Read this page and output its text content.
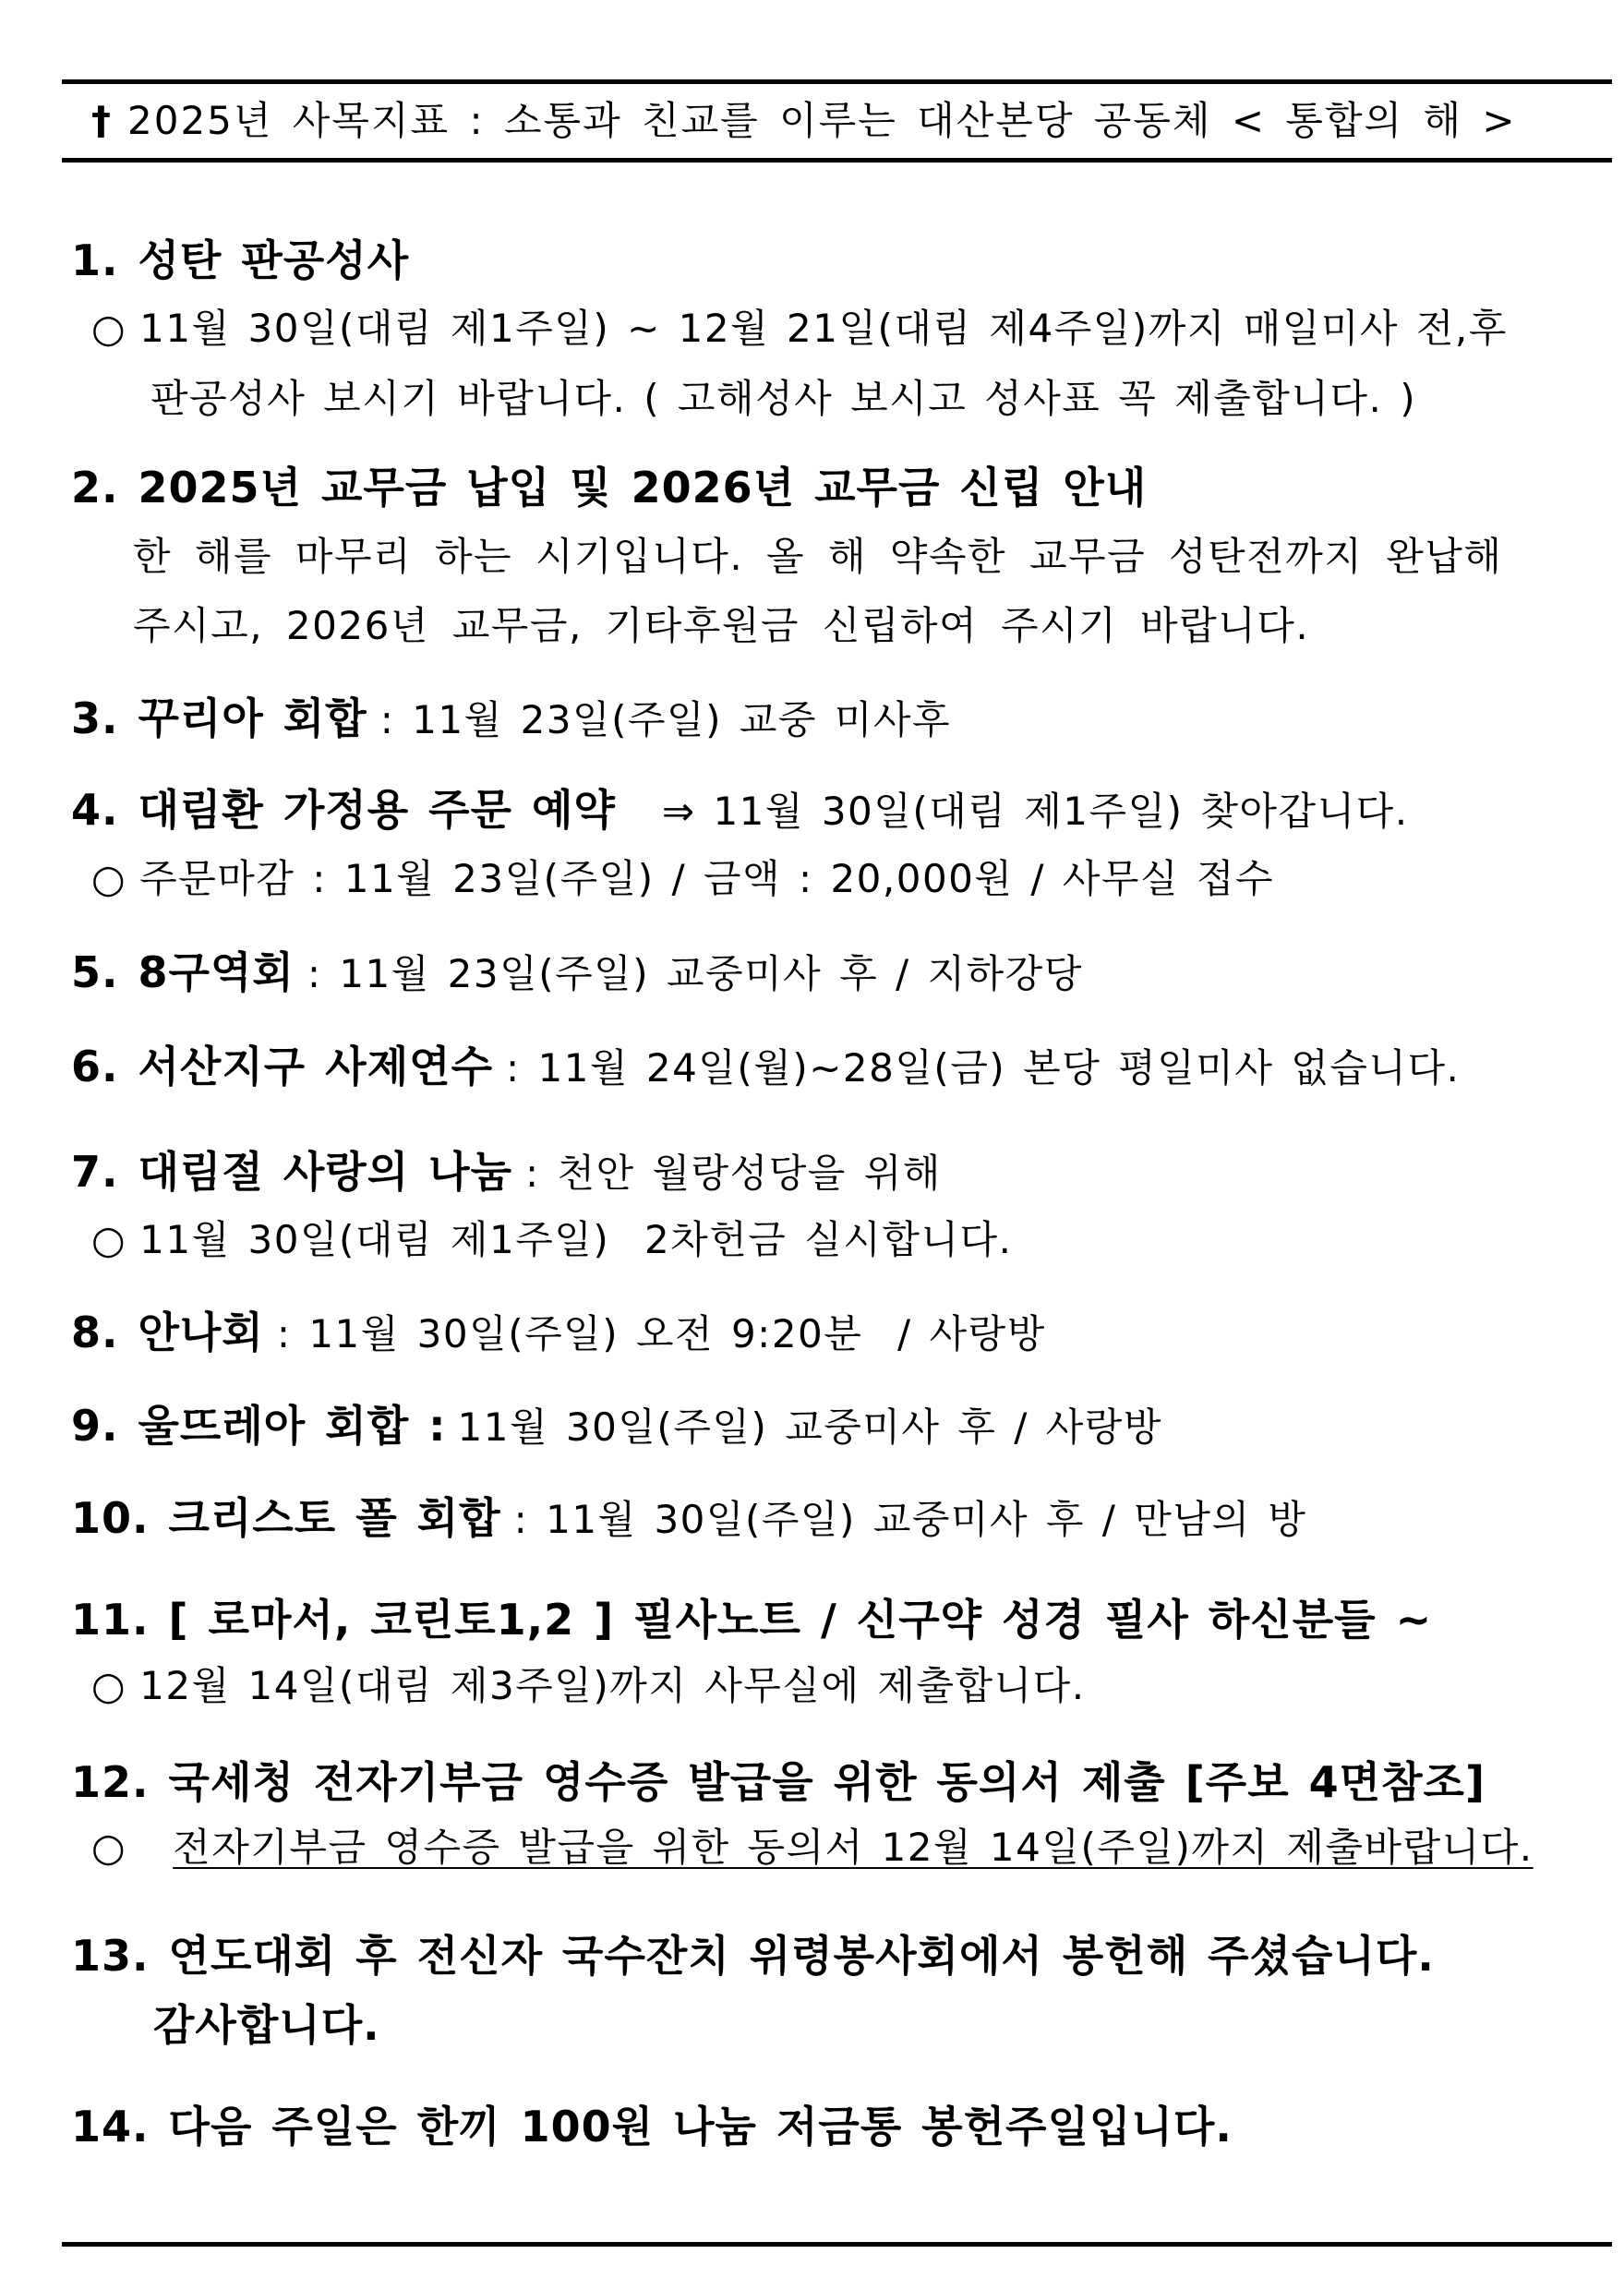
† 2025년 사목지표 : 소통과 친교를 이루는 대산본당 공동체 < 통합의 해 >
1. 성탄 판공성사
○ 11월 30일(대림 제1주일) ~ 12월 21일(대림 제4주일)까지 매일미사 전,후
판공성사 보시기 바랍니다. ( 고해성사 보시고 성사표 꼭 제출합니다. )
2. 2025년 교무금 납입 및 2026년 교무금 신립 안내
한 해를 마무리 하는 시기입니다. 올 해 약속한 교무금 성탄전까지 완납해
주시고, 2026년 교무금, 기타후원금 신립하여 주시기 바랍니다.
3. 꾸리아 회합 : 11월 23일(주일) 교중 미사후
4. 대림환 가정용 주문 예약 ⇒ 11월 30일(대림 제1주일) 찾아갑니다.
○ 주문마감 : 11월 23일(주일) / 금액 : 20,000원 / 사무실 접수
5. 8구역회 : 11월 23일(주일) 교중미사 후 / 지하강당
6. 서산지구 사제연수 : 11월 24일(월)~28일(금) 본당 평일미사 없습니다.
7. 대림절 사랑의 나눔 : 천안 월랑성당을 위해
○ 11월 30일(대림 제1주일)  2차헌금 실시합니다.
8. 안나회 : 11월 30일(주일) 오전 9:20분  / 사랑방
9. 울뜨레아 회합 : 11월 30일(주일) 교중미사 후 / 사랑방
10. 크리스토 폴 회합 : 11월 30일(주일) 교중미사 후 / 만남의 방
11. [ 로마서, 코린토1,2 ] 필사노트 / 신구약 성경 필사 하신분들 ~
○ 12월 14일(대림 제3주일)까지 사무실에 제출합니다.
12. 국세청 전자기부금 영수증 발급을 위한 동의서 제출 [주보 4면참조]
○ 전자기부금 영수증 발급을 위한 동의서 12월 14일(주일)까지 제출바랍니다.
13. 연도대회 후 전신자 국수잔치 위령봉사회에서 봉헌해 주셨습니다.
감사합니다.
14. 다음 주일은 한끼 100원 나눔 저금통 봉헌주일입니다.
